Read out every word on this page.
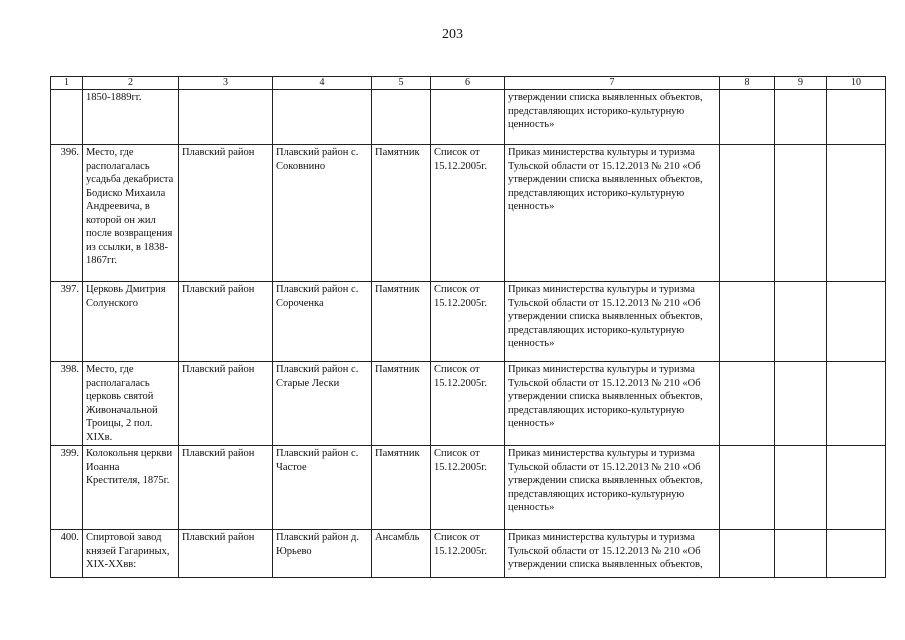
203
1	2	3	4	5	6	7	8	9	10
	1850-1889гг.					утверждении списка выявленных объектов, представляющих историко-культурную ценность»			
396.	Место, где располагалась усадьба декабриста Бодиско Михаила Андреевича, в которой он жил после возвращения из ссылки, в 1838-1867гг.	Плавский район	Плавский район с. Соковнино	Памятник	Список от 15.12.2005г.	Приказ министерства культуры и туризма Тульской области от 15.12.2013 № 210 «Об утверждении списка выявленных объектов, представляющих историко-культурную ценность»			
397.	Церковь Дмитрия Солунского	Плавский район	Плавский район с. Сороченка	Памятник	Список от 15.12.2005г.	Приказ министерства культуры и туризма Тульской области от 15.12.2013 № 210 «Об утверждении списка выявленных объектов, представляющих историко-культурную ценность»			
398.	Место, где располагалась церковь святой Живоначальной Троицы, 2 пол. XIXв.	Плавский район	Плавский район с. Старые Лески	Памятник	Список от 15.12.2005г.	Приказ министерства культуры и туризма Тульской области от 15.12.2013 № 210 «Об утверждении списка выявленных объектов, представляющих историко-культурную ценность»			
399.	Колокольня церкви Иоанна Крестителя, 1875г.	Плавский район	Плавский район с. Частое	Памятник	Список от 15.12.2005г.	Приказ министерства культуры и туризма Тульской области от 15.12.2013 № 210 «Об утверждении списка выявленных объектов, представляющих историко-культурную ценность»			
400.	Спиртовой завод князей Гагариных, XIX-XXвв:	Плавский район	Плавский район д. Юрьево	Ансамбль	Список от 15.12.2005г.	Приказ министерства культуры и туризма Тульской области от 15.12.2013 № 210 «Об утверждении списка выявленных объектов,			
